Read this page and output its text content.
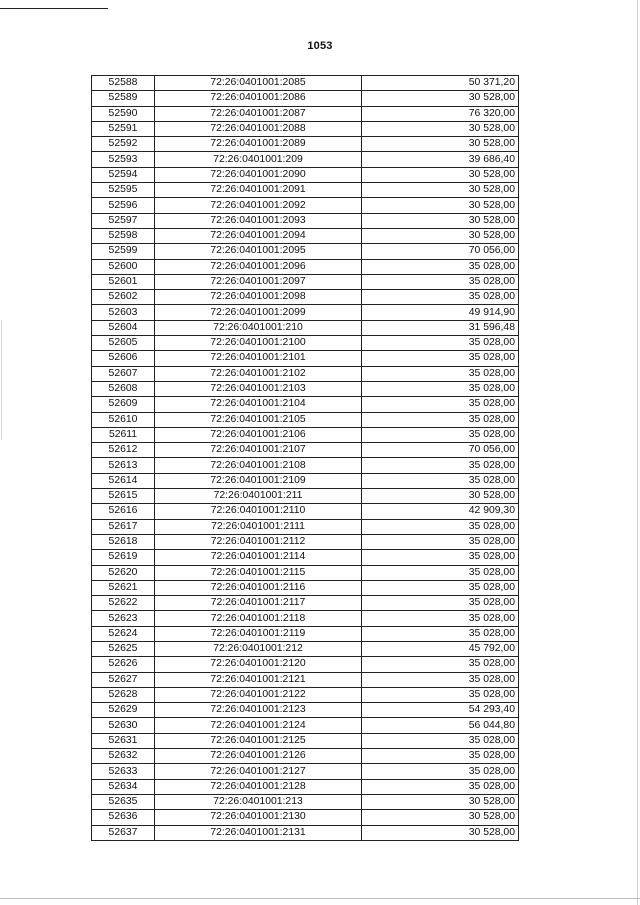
1053
52588	72:26:0401001:2085	50 371,20
52589	72:26:0401001:2086	30 528,00
52590	72:26:0401001:2087	76 320,00
52591	72:26:0401001:2088	30 528,00
52592	72:26:0401001:2089	30 528,00
52593	72:26:0401001:209	39 686,40
52594	72:26:0401001:2090	30 528,00
52595	72:26:0401001:2091	30 528,00
52596	72:26:0401001:2092	30 528,00
52597	72:26:0401001:2093	30 528,00
52598	72:26:0401001:2094	30 528,00
52599	72:26:0401001:2095	70 056,00
52600	72:26:0401001:2096	35 028,00
52601	72:26:0401001:2097	35 028,00
52602	72:26:0401001:2098	35 028,00
52603	72:26:0401001:2099	49 914,90
52604	72:26:0401001:210	31 596,48
52605	72:26:0401001:2100	35 028,00
52606	72:26:0401001:2101	35 028,00
52607	72:26:0401001:2102	35 028,00
52608	72:26:0401001:2103	35 028,00
52609	72:26:0401001:2104	35 028,00
52610	72:26:0401001:2105	35 028,00
52611	72:26:0401001:2106	35 028,00
52612	72:26:0401001:2107	70 056,00
52613	72:26:0401001:2108	35 028,00
52614	72:26:0401001:2109	35 028,00
52615	72:26:0401001:211	30 528,00
52616	72:26:0401001:2110	42 909,30
52617	72:26:0401001:2111	35 028,00
52618	72:26:0401001:2112	35 028,00
52619	72:26:0401001:2114	35 028,00
52620	72:26:0401001:2115	35 028,00
52621	72:26:0401001:2116	35 028,00
52622	72:26:0401001:2117	35 028,00
52623	72:26:0401001:2118	35 028,00
52624	72:26:0401001:2119	35 028,00
52625	72:26:0401001:212	45 792,00
52626	72:26:0401001:2120	35 028,00
52627	72:26:0401001:2121	35 028,00
52628	72:26:0401001:2122	35 028,00
52629	72:26:0401001:2123	54 293,40
52630	72:26:0401001:2124	56 044,80
52631	72:26:0401001:2125	35 028,00
52632	72:26:0401001:2126	35 028,00
52633	72:26:0401001:2127	35 028,00
52634	72:26:0401001:2128	35 028,00
52635	72:26:0401001:213	30 528,00
52636	72:26:0401001:2130	30 528,00
52637	72:26:0401001:2131	30 528,00
